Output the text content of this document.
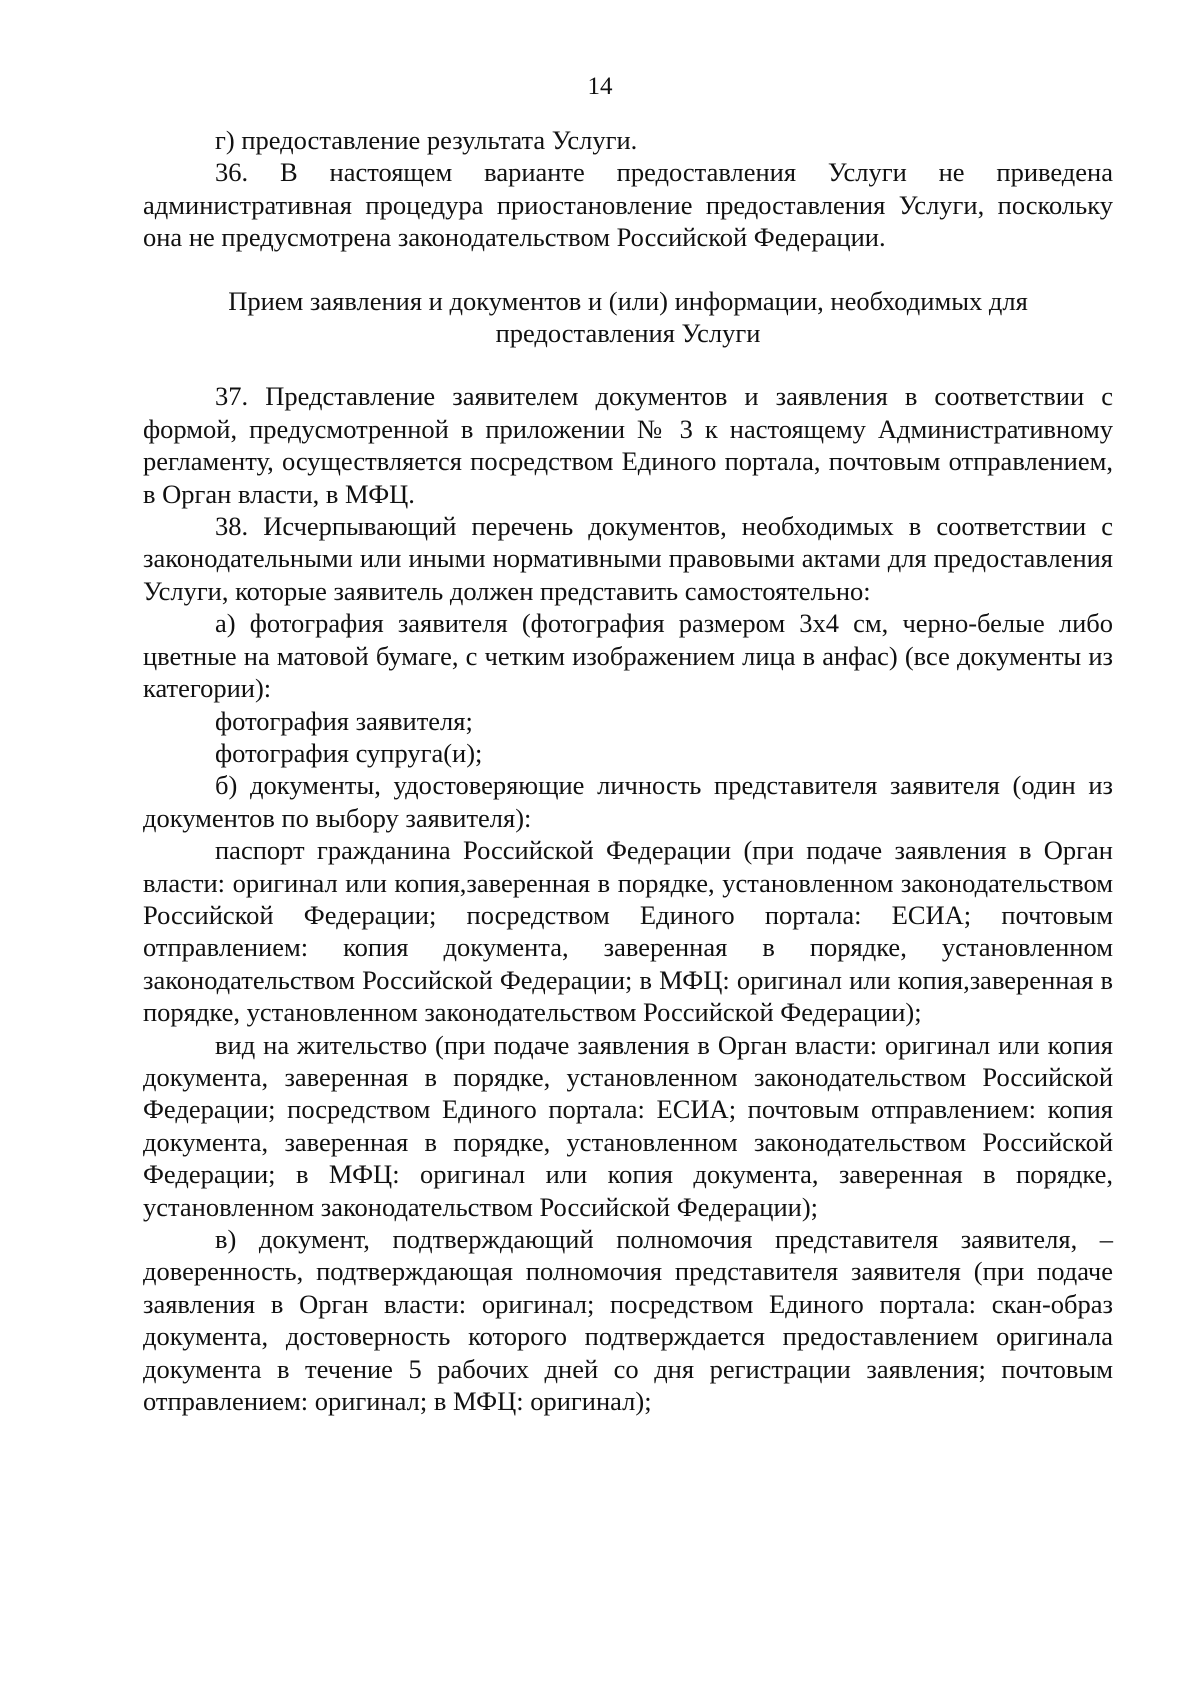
14

г) предоставление результата Услуги.

36. В настоящем варианте предоставления Услуги не приведена административная процедура приостановление предоставления Услуги, поскольку она не предусмотрена законодательством Российской Федерации.

Прием заявления и документов и (или) информации, необходимых для предоставления Услуги

37. Представление заявителем документов и заявления в соответствии с формой, предусмотренной в приложении № 3 к настоящему Административному регламенту, осуществляется посредством Единого портала, почтовым отправлением, в Орган власти, в МФЦ.

38. Исчерпывающий перечень документов, необходимых в соответствии с законодательными или иными нормативными правовыми актами для предоставления Услуги, которые заявитель должен представить самостоятельно:

а) фотография заявителя (фотография размером 3х4 см, черно-белые либо цветные на матовой бумаге, с четким изображением лица в анфас) (все документы из категории):

фотография заявителя;

фотография супруга(и);

б) документы, удостоверяющие личность представителя заявителя (один из документов по выбору заявителя):

паспорт гражданина Российской Федерации (при подаче заявления в Орган власти: оригинал или копия,заверенная в порядке, установленном законодательством Российской Федерации; посредством Единого портала: ЕСИА; почтовым отправлением: копия документа, заверенная в порядке, установленном законодательством Российской Федерации; в МФЦ: оригинал или копия,заверенная в порядке, установленном законодательством Российской Федерации);

вид на жительство (при подаче заявления в Орган власти: оригинал или копия документа, заверенная в порядке, установленном законодательством Российской Федерации; посредством Единого портала: ЕСИА; почтовым отправлением: копия документа, заверенная в порядке, установленном законодательством Российской Федерации; в МФЦ: оригинал или копия документа, заверенная в порядке, установленном законодательством Российской Федерации);

в) документ, подтверждающий полномочия представителя заявителя, – доверенность, подтверждающая полномочия представителя заявителя (при подаче заявления в Орган власти: оригинал; посредством Единого портала: скан-образ документа, достоверность которого подтверждается предоставлением оригинала документа в течение 5 рабочих дней со дня регистрации заявления; почтовым отправлением: оригинал; в МФЦ: оригинал);
